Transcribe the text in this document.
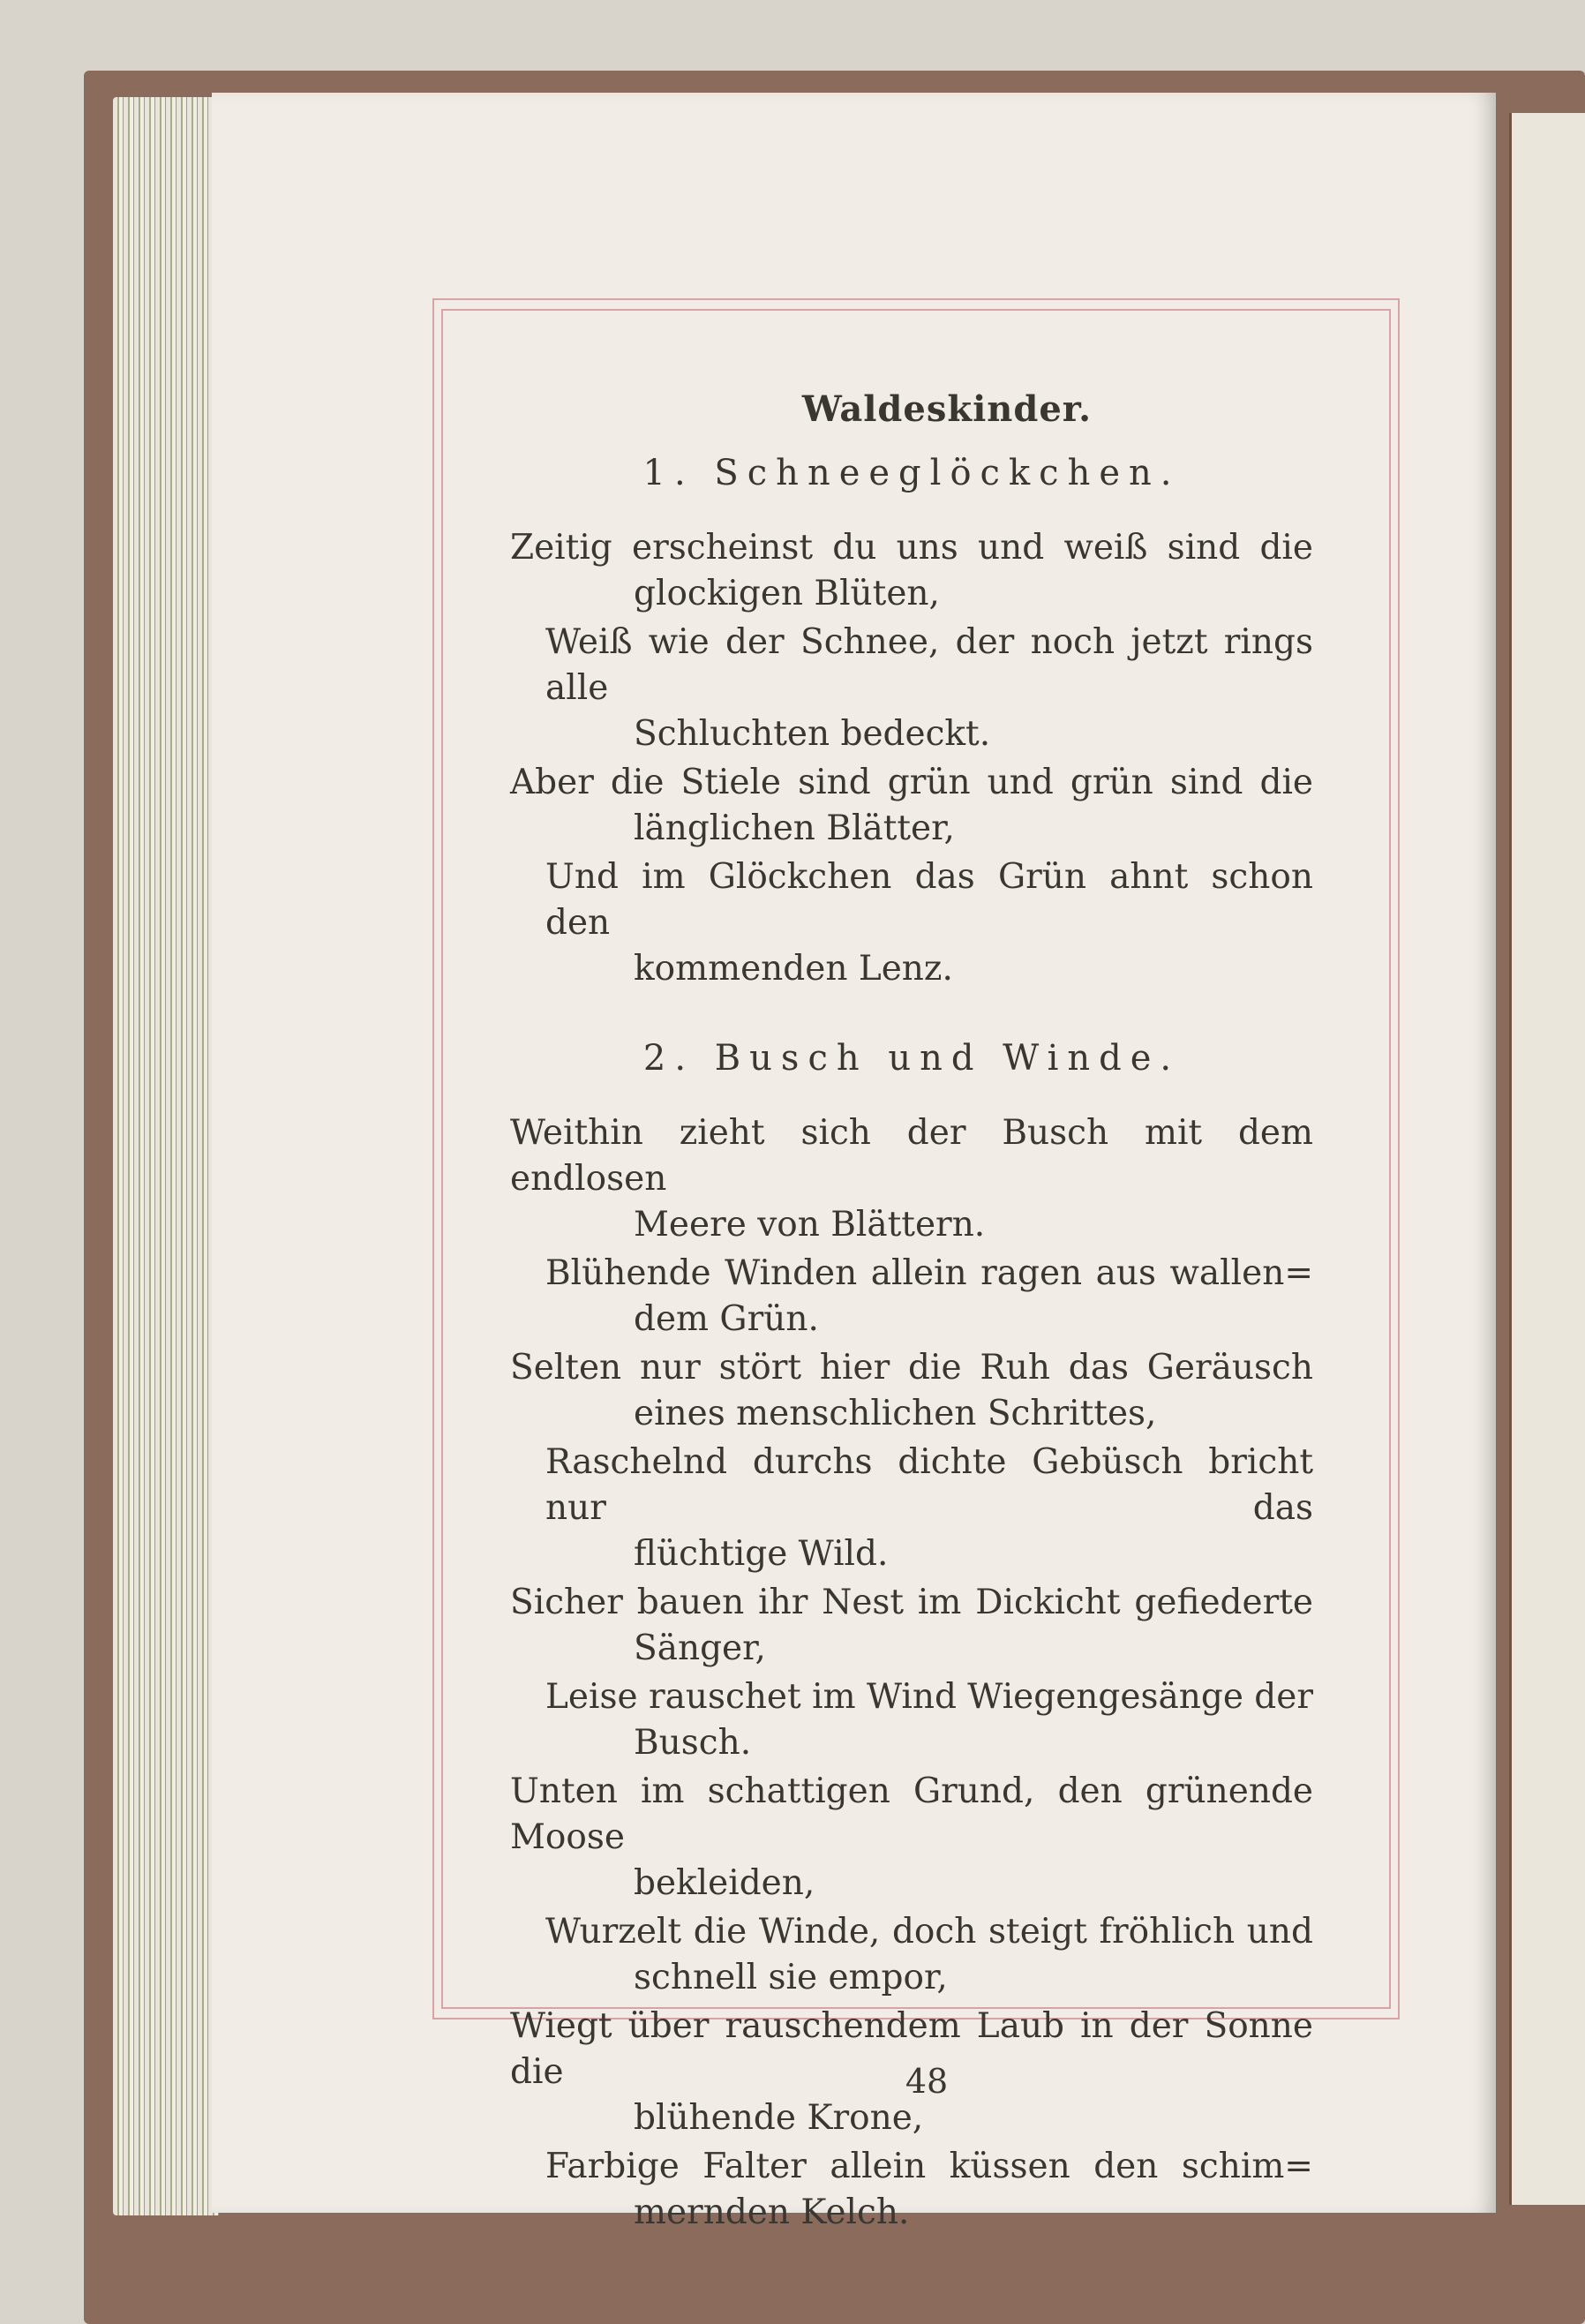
Waldeskinder.
1. Schneeglöckchen.

Zeitig erscheinst du uns und weiß sind die

glockigen Blüten,

Weiß wie der Schnee, der noch jetzt rings alle

Schluchten bedeckt.

Aber die Stiele sind grün und grün sind die

länglichen Blätter,

Und im Glöckchen das Grün ahnt schon den

kommenden Lenz.

2. Busch und Winde.

Weithin zieht sich der Busch mit dem endlosen

Meere von Blättern.

Blühende Winden allein ragen aus wallen=

dem Grün.

Selten nur stört hier die Ruh das Geräusch

eines menschlichen Schrittes,

Raschelnd durchs dichte Gebüsch bricht nur das

flüchtige Wild.

Sicher bauen ihr Nest im Dickicht gefiederte

Sänger,

Leise rauschet im Wind Wiegengesänge der

Busch.

Unten im schattigen Grund, den grünende Moose

bekleiden,

Wurzelt die Winde, doch steigt fröhlich und

schnell sie empor,

Wiegt über rauschendem Laub in der Sonne die

blühende Krone,

Farbige Falter allein küssen den schim=

mernden Kelch.

48
